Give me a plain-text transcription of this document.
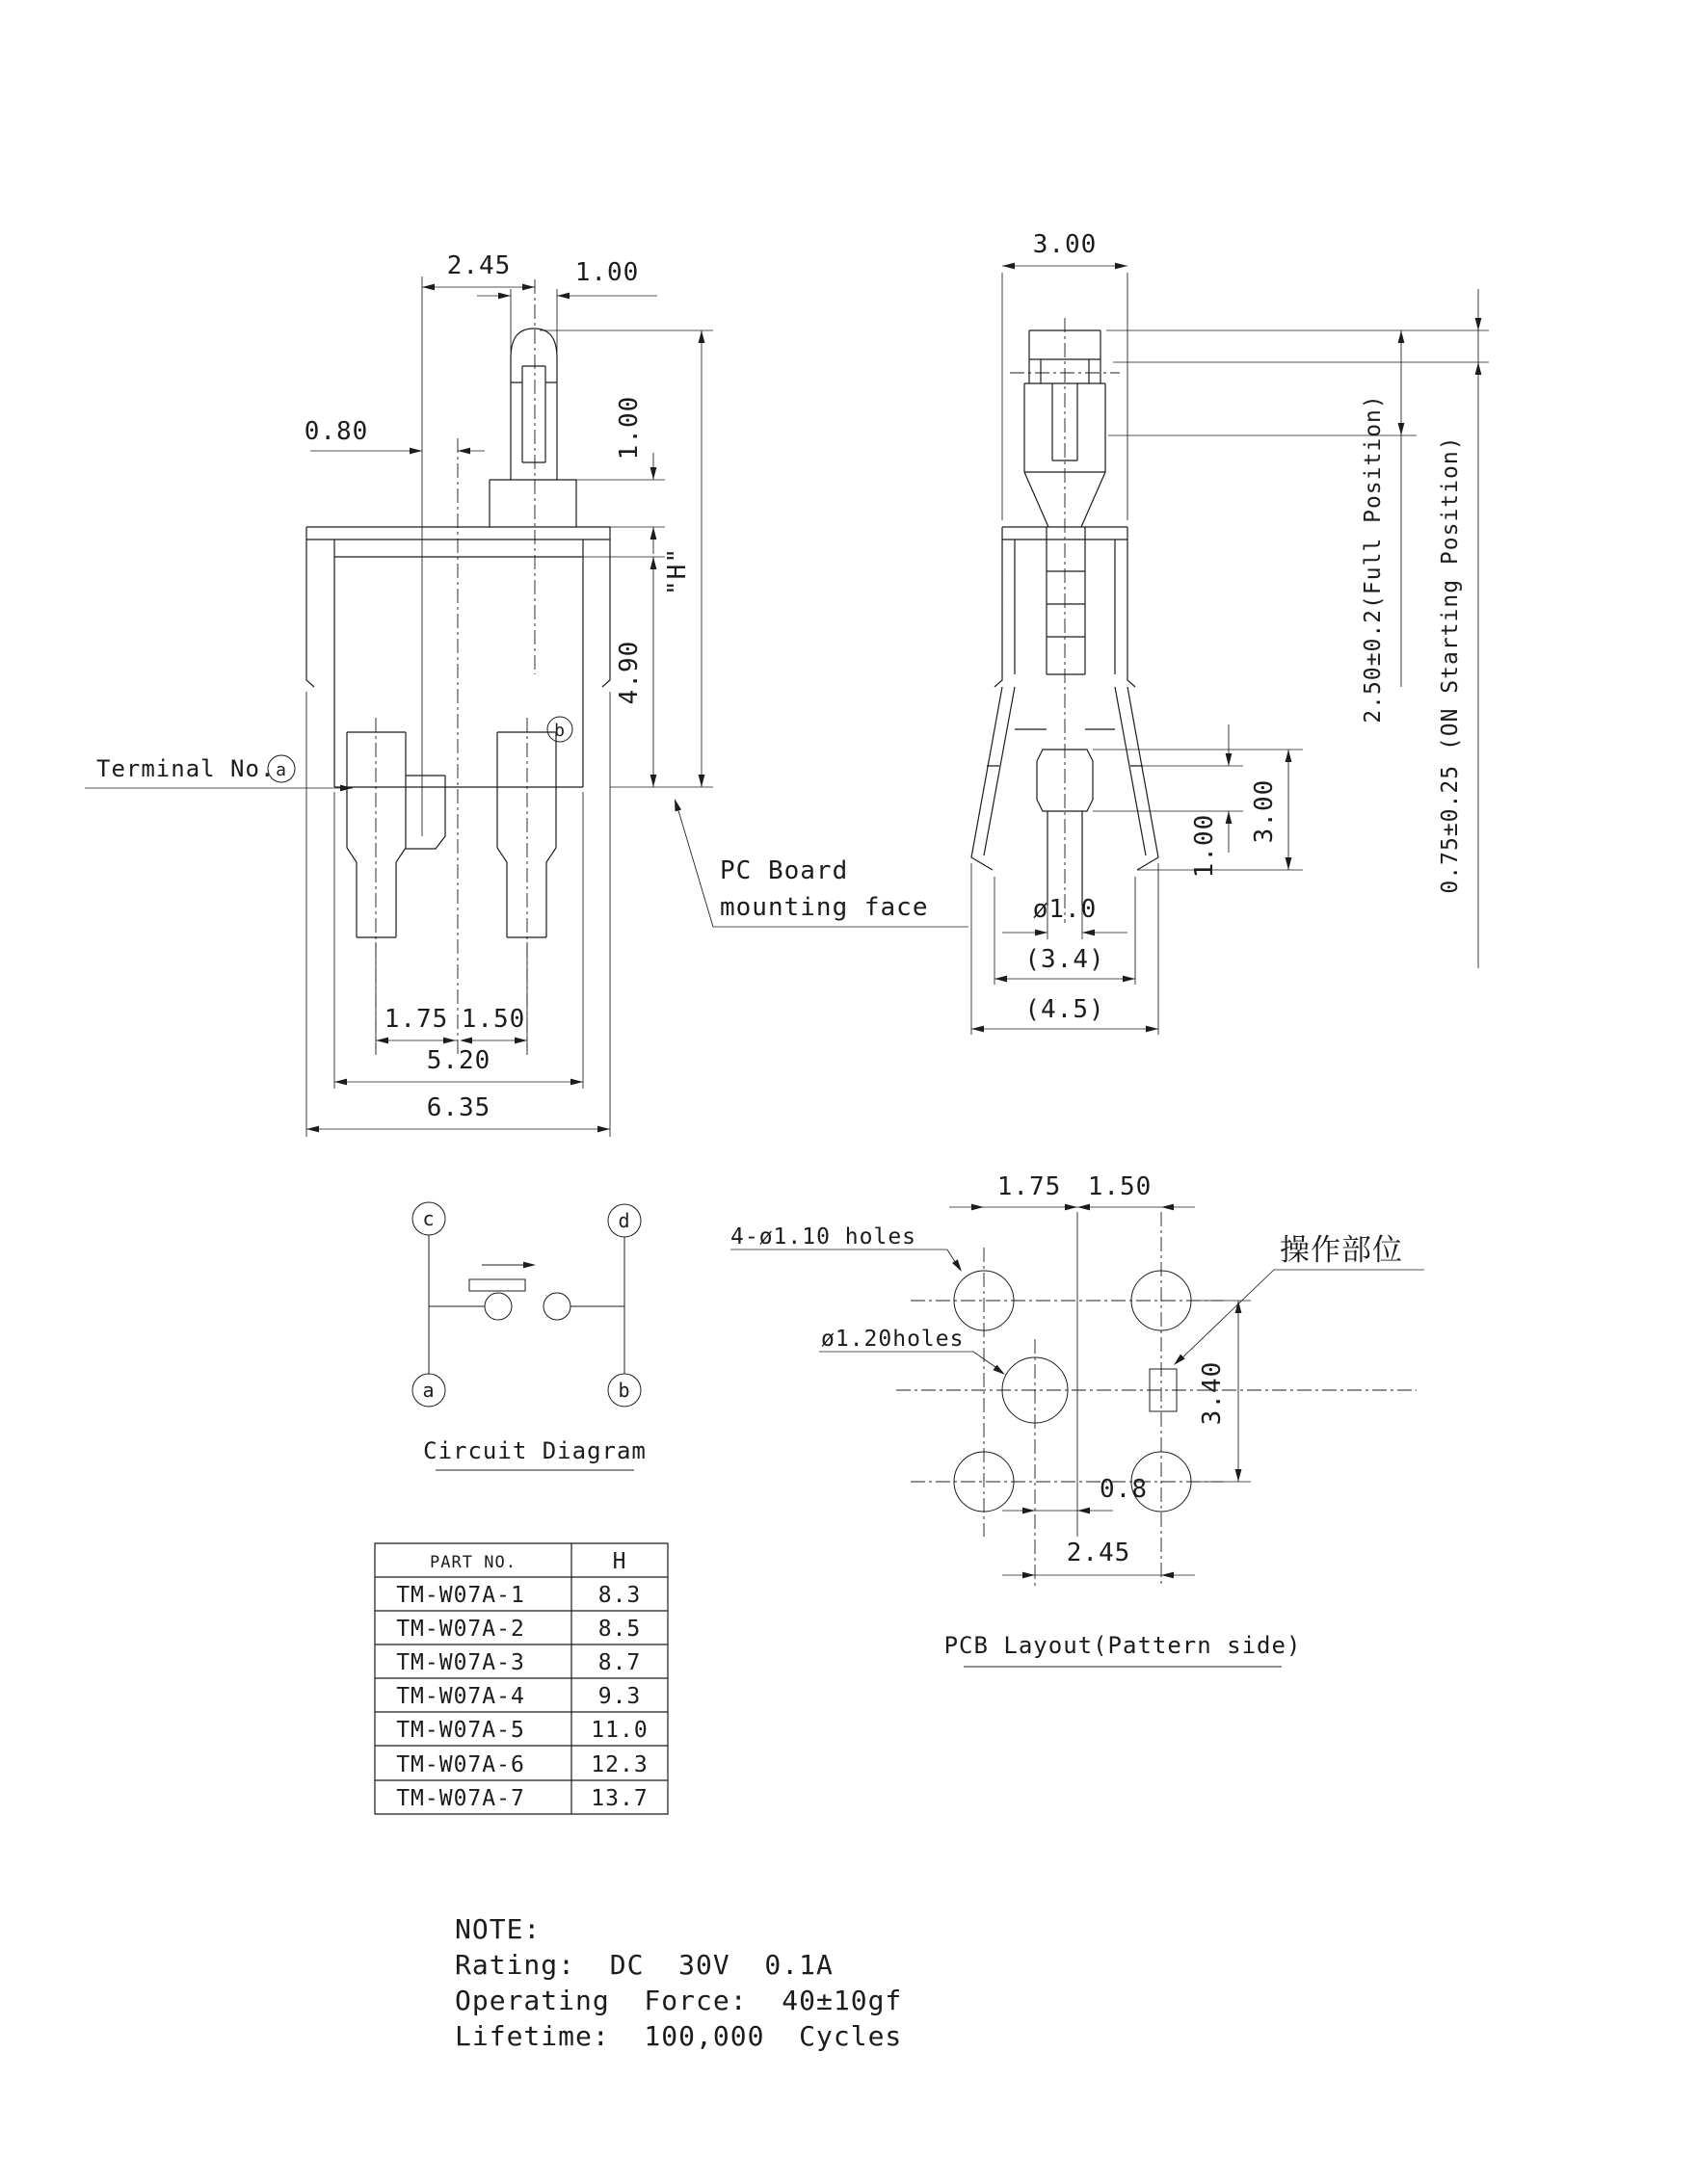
2.45	1.00
0.80	1.00
4.90
"H"
1.75 1.50
5.20
6.35
Terminal No. a
b
PC Board
mounting face
3.00
2.50±0.2(Full Position) 0.75±0.25 (ON Starting Position)
1.00
3.00
ø1.0
(3.4)
(4.5)
c	d
a	b
Circuit Diagram
1.75 1.50
3.40
0.8
2.45
4-ø1.10 holes
ø1.20holes
操作部位
PCB Layout(Pattern side)
PART NO.	H
TM-W07A-1	8.3
TM-W07A-2	8.5
TM-W07A-3	8.7
TM-W07A-4	9.3
TM-W07A-5	11.0
TM-W07A-6	12.3
TM-W07A-7	13.7
NOTE:
Rating:  DC  30V  0.1A
Operating  Force:  40±10gf
Lifetime:  100,000  Cycles
